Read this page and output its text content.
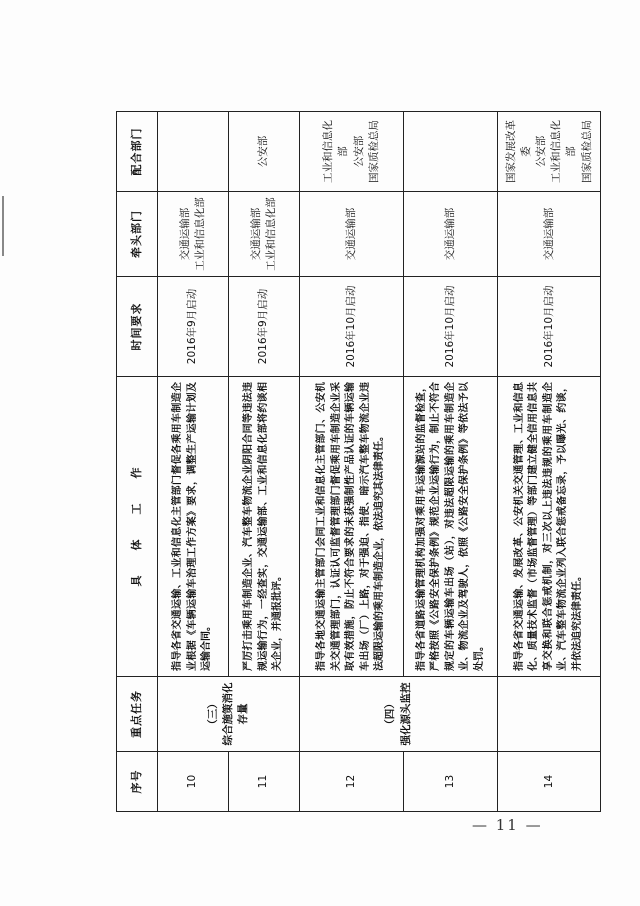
序号	重点任务	具　　体　　工　　作	时间要求	牵头部门	配合部门
10	（三） 综合施策消化存量	指导各省交通运输、工业和信息化主管部门督促各乘用车制造企业根据《车辆运输车治理工作方案》要求，调整生产运输计划及运输合同。	2016年9月启动	交通运输部 工业和信息化部	

11		严厉打击乘用车制造企业、汽车整车物流企业阴阳合同等违法违规运输行为，一经查实，交通运输部、工业和信息化部将约谈相关企业，并通报批评。	2016年9月启动	交通运输部 工业和信息化部	公安部

12	（四） 强化源头监控	指导各地交通运输主管部门会同工业和信息化主管部门、公安机关交通管理部门，认证认可监督管理部门督促乘用车制造企业采取有效措施，防止不符合要求的未获强制性产品认证的车辆运输车出场（厂）上路，对于强迫、指使、暗示汽车整车物流企业违法超限运输的乘用车制造企业，依法追究其法律责任。	2016年10月启动	交通运输部	工业和信息化部 公安部 国家质检总局

13		指导各省道路运输管理机构加强对乘用车运输源站的监督检查，严格按照《公路安全保护条例》规范企业运输行为，制止不符合规定的车辆运输车出场（站），对违法超限运输的乘用车制造企业、物流企业及驾驶人，依照《公路安全保护条例》等依法予以处罚。	2016年10月启动	交通运输部	

14		指导各省交通运输、发展改革、公安机关交通管理、工业和信息化、质量技术监督（市场监督管理）等部门建立健全信用信息共享交换和联合惩戒机制，对三次以上违法违规的乘用车制造企业、汽车整车物流企业列入联合惩戒备忘录，予以曝光、约谈，并依法追究法律责任。	2016年10月启动	交通运输部	国家发展改革委 公安部 工业和信息化部 国家质检总局
— 11 —
